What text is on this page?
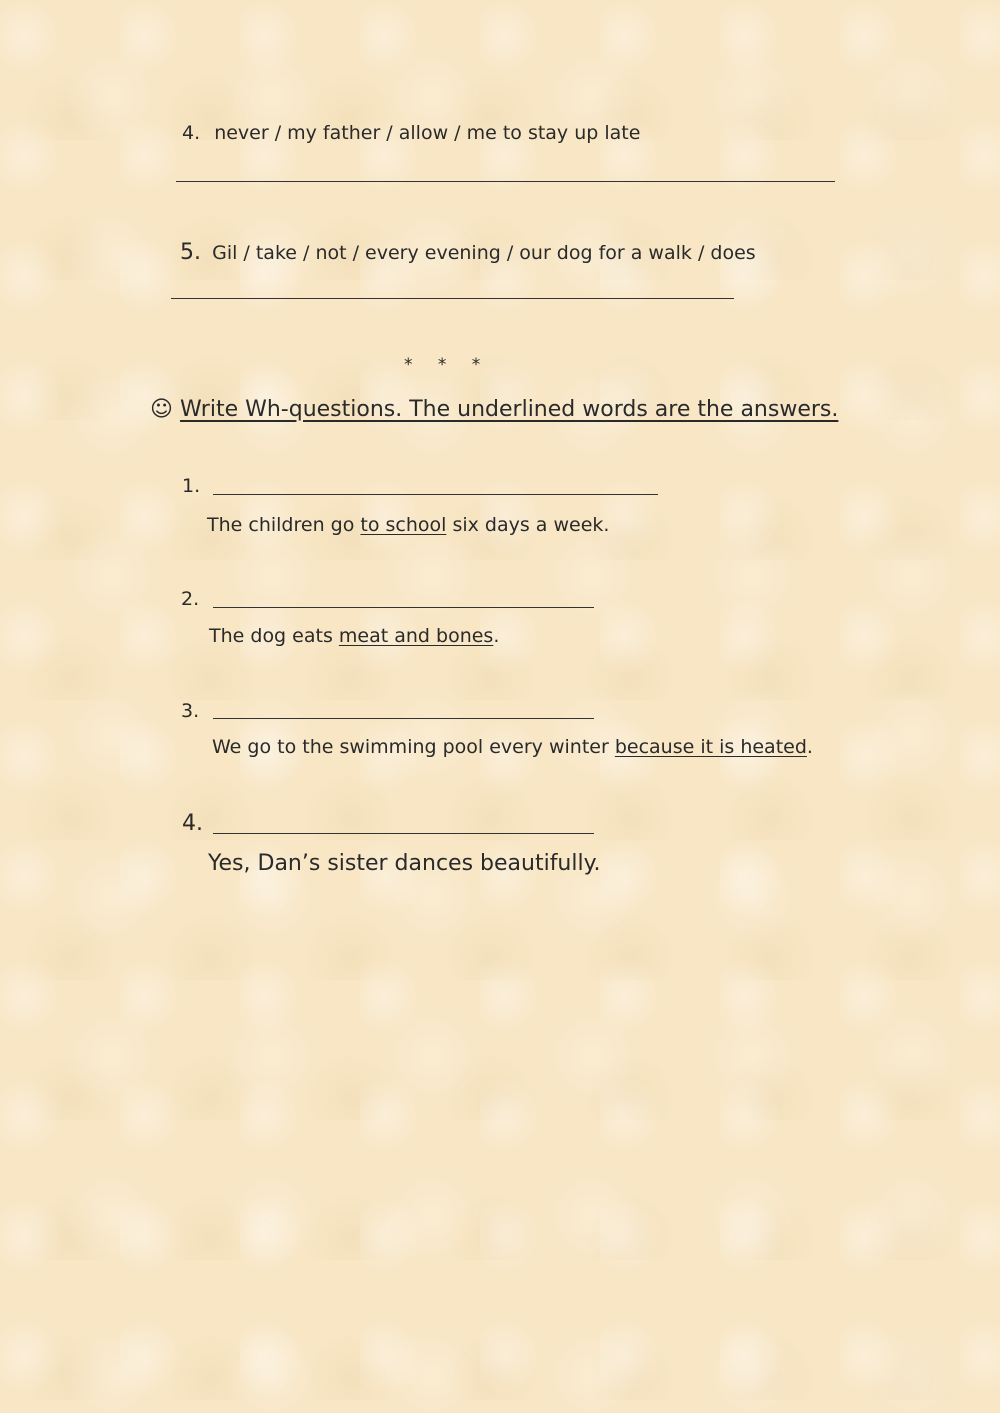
4. never / my father / allow / me to stay up late
5. Gil / take / not / every evening / our dog for a walk / does
* * *
☺ Write Wh-questions. The underlined words are the answers.
1.
The children go to school six days a week.
2.
The dog eats meat and bones.
3.
We go to the swimming pool every winter because it is heated.
4.
Yes, Dan’s sister dances beautifully.
